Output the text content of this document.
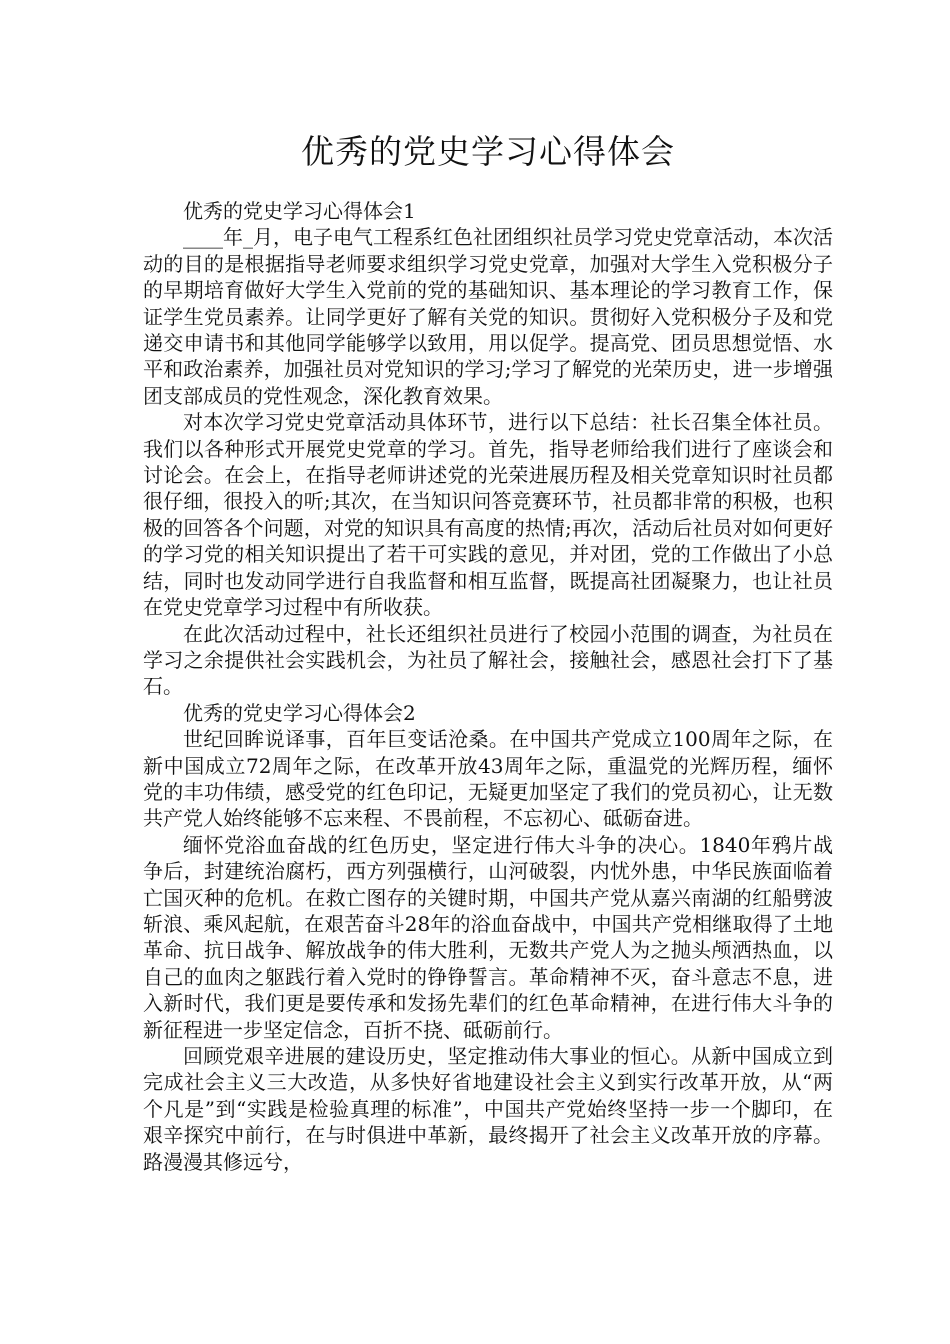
优秀的党史学习心得体会

优秀的党史学习心得体会1

____年_月，电子电气工程系红色社团组织社员学习党史党章活动，本次活动的目的是根据指导老师要求组织学习党史党章，加强对大学生入党积极分子的早期培育做好大学生入党前的党的基础知识、基本理论的学习教育工作，保证学生党员素养。让同学更好了解有关党的知识。贯彻好入党积极分子及和党递交申请书和其他同学能够学以致用，用以促学。提高党、团员思想觉悟、水平和政治素养，加强社员对党知识的学习;学习了解党的光荣历史，进一步增强团支部成员的党性观念，深化教育效果。

对本次学习党史党章活动具体环节，进行以下总结：社长召集全体社员。我们以各种形式开展党史党章的学习。首先，指导老师给我们进行了座谈会和讨论会。在会上，在指导老师讲述党的光荣进展历程及相关党章知识时社员都很仔细，很投入的听;其次，在当知识问答竞赛环节，社员都非常的积极，也积极的回答各个问题，对党的知识具有高度的热情;再次，活动后社员对如何更好的学习党的相关知识提出了若干可实践的意见，并对团，党的工作做出了小总结，同时也发动同学进行自我监督和相互监督，既提高社团凝聚力，也让社员在党史党章学习过程中有所收获。

在此次活动过程中，社长还组织社员进行了校园小范围的调查，为社员在学习之余提供社会实践机会，为社员了解社会，接触社会，感恩社会打下了基石。

优秀的党史学习心得体会2

世纪回眸说译事，百年巨变话沧桑。在中国共产党成立100周年之际，在新中国成立72周年之际，在改革开放43周年之际，重温党的光辉历程，缅怀党的丰功伟绩，感受党的红色印记，无疑更加坚定了我们的党员初心，让无数共产党人始终能够不忘来程、不畏前程，不忘初心、砥砺奋进。

缅怀党浴血奋战的红色历史，坚定进行伟大斗争的决心。1840年鸦片战争后，封建统治腐朽，西方列强横行，山河破裂，内忧外患，中华民族面临着亡国灭种的危机。在救亡图存的关键时期，中国共产党从嘉兴南湖的红船劈波斩浪、乘风起航，在艰苦奋斗28年的浴血奋战中，中国共产党相继取得了土地革命、抗日战争、解放战争的伟大胜利，无数共产党人为之抛头颅洒热血，以自己的血肉之躯践行着入党时的铮铮誓言。革命精神不灭，奋斗意志不息，进入新时代，我们更是要传承和发扬先辈们的红色革命精神，在进行伟大斗争的新征程进一步坚定信念，百折不挠、砥砺前行。

回顾党艰辛进展的建设历史，坚定推动伟大事业的恒心。从新中国成立到完成社会主义三大改造，从多快好省地建设社会主义到实行改革开放，从“两个凡是”到“实践是检验真理的标准”，中国共产党始终坚持一步一个脚印，在艰辛探究中前行，在与时俱进中革新，最终揭开了社会主义改革开放的序幕。路漫漫其修远兮，
